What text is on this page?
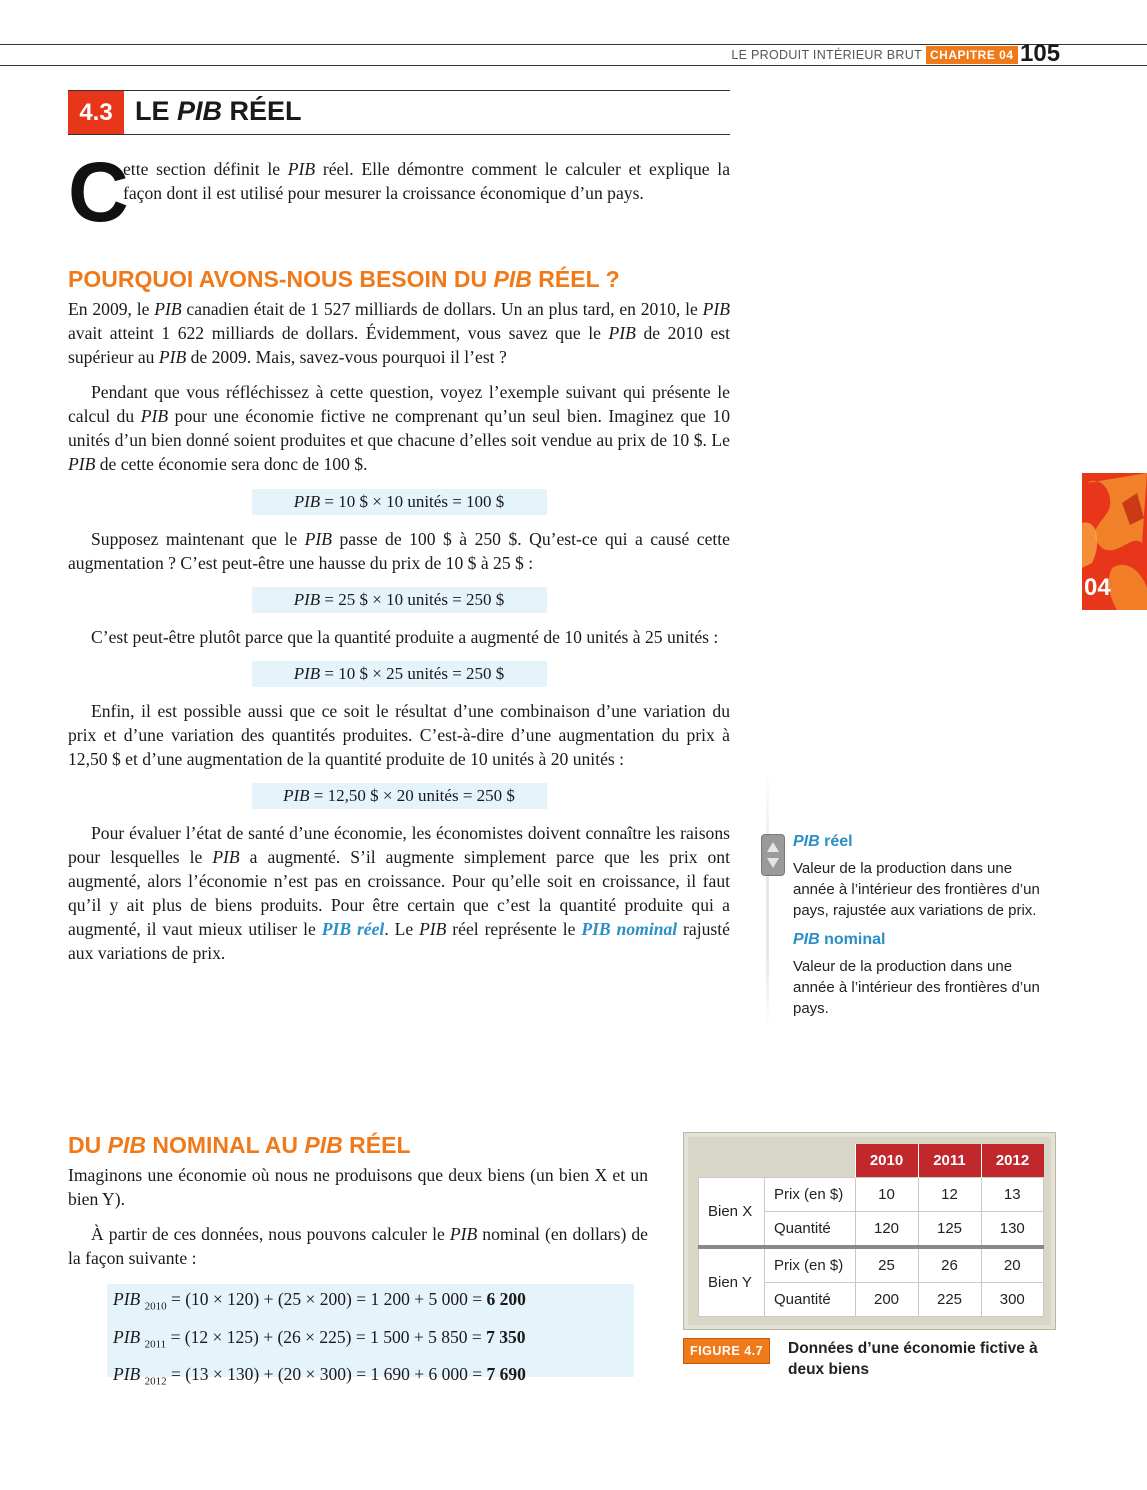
LE PRODUIT INTÉRIEUR BRUT CHAPITRE 04 105
4.3 LE PIB RÉEL
C

ette section définit le PIB réel. Elle démontre comment le calculer et explique la façon dont il est utilisé pour mesurer la croissance économique d’un pays.

POURQUOI AVONS-NOUS BESOIN DU PIB RÉEL ?

En 2009, le PIB canadien était de 1 527 milliards de dollars. Un an plus tard, en 2010, le PIB avait atteint 1 622 milliards de dollars. Évidemment, vous savez que le PIB de 2010 est supérieur au PIB de 2009. Mais, savez-vous pourquoi il l’est ?

Pendant que vous réfléchissez à cette question, voyez l’exemple suivant qui présente le calcul du PIB pour une économie fictive ne comprenant qu’un seul bien. Imaginez que 10 unités d’un bien donné soient produites et que chacune d’elles soit vendue au prix de 10 $. Le PIB de cette économie sera donc de 100 $.

PIB = 10 $ × 10 unités = 100 $

Supposez maintenant que le PIB passe de 100 $ à 250 $. Qu’est-ce qui a causé cette augmentation ? C’est peut-être une hausse du prix de 10 $ à 25 $ :

PIB = 25 $ × 10 unités = 250 $

C’est peut-être plutôt parce que la quantité produite a augmenté de 10 unités à 25 unités :

PIB = 10 $ × 25 unités = 250 $

Enfin, il est possible aussi que ce soit le résultat d’une combinaison d’une variation du prix et d’une variation des quantités produites. C’est-à-dire d’une augmentation du prix à 12,50 $ et d’une augmentation de la quantité produite de 10 unités à 20 unités :

PIB = 12,50 $ × 20 unités = 250 $

Pour évaluer l’état de santé d’une économie, les économistes doivent connaître les raisons pour lesquelles le PIB a augmenté. S’il augmente simplement parce que les prix ont augmenté, alors l’économie n’est pas en croissance. Pour qu’elle soit en croissance, il faut qu’il y ait plus de biens produits. Pour être certain que c’est la quantité produite qui a augmenté, il vaut mieux utiliser le PIB réel. Le PIB réel représente le PIB nominal rajusté aux variations de prix.

04
PIB réel
Valeur de la production dans une année à l’intérieur des frontières d’un pays, rajustée aux variations de prix.
PIB nominal
Valeur de la production dans une année à l’intérieur des frontières d’un pays.
DU PIB NOMINAL AU PIB RÉEL

Imaginons une économie où nous ne produisons que deux biens (un bien X et un bien Y).

À partir de ces données, nous pouvons calculer le PIB nominal (en dollars) de la façon suivante :

PIB $_{2010}$ = (10 × 120) + (25 × 200) = 1 200 + 5 000 = 6 200
PIB $_{2011}$ = (12 × 125) + (26 × 225) = 1 500 + 5 850 = 7 350
PIB $_{2012}$ = (13 × 130) + (20 × 300) = 1 690 + 6 000 = 7 690
		2010	2011	2012
Bien X	Prix (en $)	10	12	13
	Quantité	120	125	130
Bien Y	Prix (en $)	25	26	20
	Quantité	200	225	300
FIGURE 4.7	Données d’une économie fictive à deux biens
